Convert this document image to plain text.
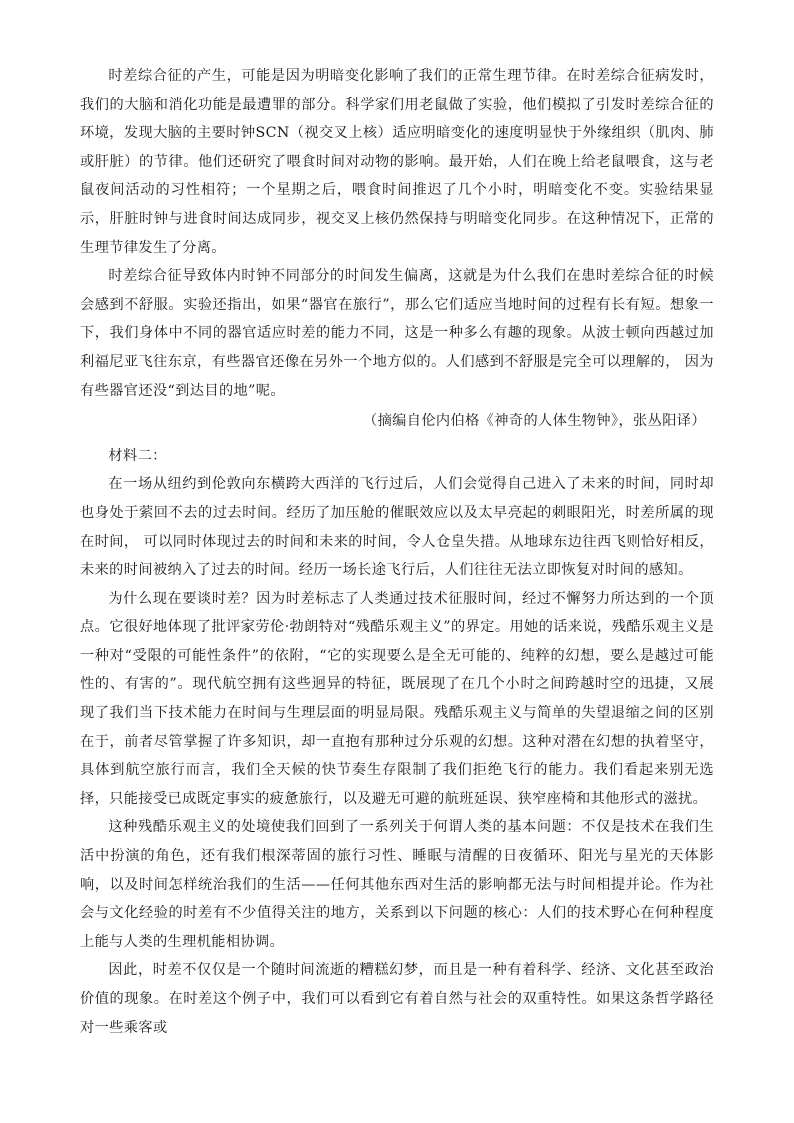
时差综合征的产生，可能是因为明暗变化影响了我们的正常生理节律。在时差综合征病发时，我们的大脑和消化功能是最遭罪的部分。科学家们用老鼠做了实验，他们模拟了引发时差综合征的环境，发现大脑的主要时钟SCN（视交叉上核）适应明暗变化的速度明显快于外缘组织（肌肉、肺或肝脏）的节律。他们还研究了喂食时间对动物的影响。最开始，人们在晚上给老鼠喂食，这与老鼠夜间活动的习性相符；一个星期之后，喂食时间推迟了几个小时，明暗变化不变。实验结果显示，肝脏时钟与进食时间达成同步，视交叉上核仍然保持与明暗变化同步。在这种情况下，正常的生理节律发生了分离。

时差综合征导致体内时钟不同部分的时间发生偏离，这就是为什么我们在患时差综合征的时候会感到不舒服。实验还指出，如果“器官在旅行”，那么它们适应当地时间的过程有长有短。想象一下，我们身体中不同的器官适应时差的能力不同，这是一种多么有趣的现象。从波士顿向西越过加利福尼亚飞往东京，有些器官还像在另外一个地方似的。人们感到不舒服是完全可以理解的， 因为有些器官还没“到达目的地”呢。

（摘编自伦内伯格《神奇的人体生物钟》，张丛阳译）

材料二：

在一场从纽约到伦敦向东横跨大西洋的飞行过后，人们会觉得自己进入了未来的时间，同时却也身处于萦回不去的过去时间。经历了加压舱的催眠效应以及太早亮起的刺眼阳光，时差所属的现在时间， 可以同时体现过去的时间和未来的时间，令人仓皇失措。从地球东边往西飞则恰好相反，未来的时间被纳入了过去的时间。经历一场长途飞行后，人们往往无法立即恢复对时间的感知。

为什么现在要谈时差？因为时差标志了人类通过技术征服时间，经过不懈努力所达到的一个顶点。它很好地体现了批评家劳伦·勃朗特对“残酷乐观主义”的界定。用她的话来说，残酷乐观主义是一种对“受限的可能性条件”的依附，“它的实现要么是全无可能的、纯粹的幻想，要么是越过可能性的、有害的”。现代航空拥有这些迥异的特征，既展现了在几个小时之间跨越时空的迅捷，又展现了我们当下技术能力在时间与生理层面的明显局限。残酷乐观主义与简单的失望退缩之间的区别在于，前者尽管掌握了许多知识，却一直抱有那种过分乐观的幻想。这种对潜在幻想的执着坚守，具体到航空旅行而言，我们全天候的快节奏生存限制了我们拒绝飞行的能力。我们看起来别无选择，只能接受已成既定事实的疲惫旅行，以及避无可避的航班延误、狭窄座椅和其他形式的滋扰。

这种残酷乐观主义的处境使我们回到了一系列关于何谓人类的基本问题：不仅是技术在我们生活中扮演的角色，还有我们根深蒂固的旅行习性、睡眠与清醒的日夜循环、阳光与星光的天体影响，以及时间怎样统治我们的生活——任何其他东西对生活的影响都无法与时间相提并论。作为社会与文化经验的时差有不少值得关注的地方，关系到以下问题的核心：人们的技术野心在何种程度上能与人类的生理机能相协调。

因此，时差不仅仅是一个随时间流逝的糟糕幻梦，而且是一种有着科学、经济、文化甚至政治价值的现象。在时差这个例子中，我们可以看到它有着自然与社会的双重特性。如果这条哲学路径对一些乘客或
